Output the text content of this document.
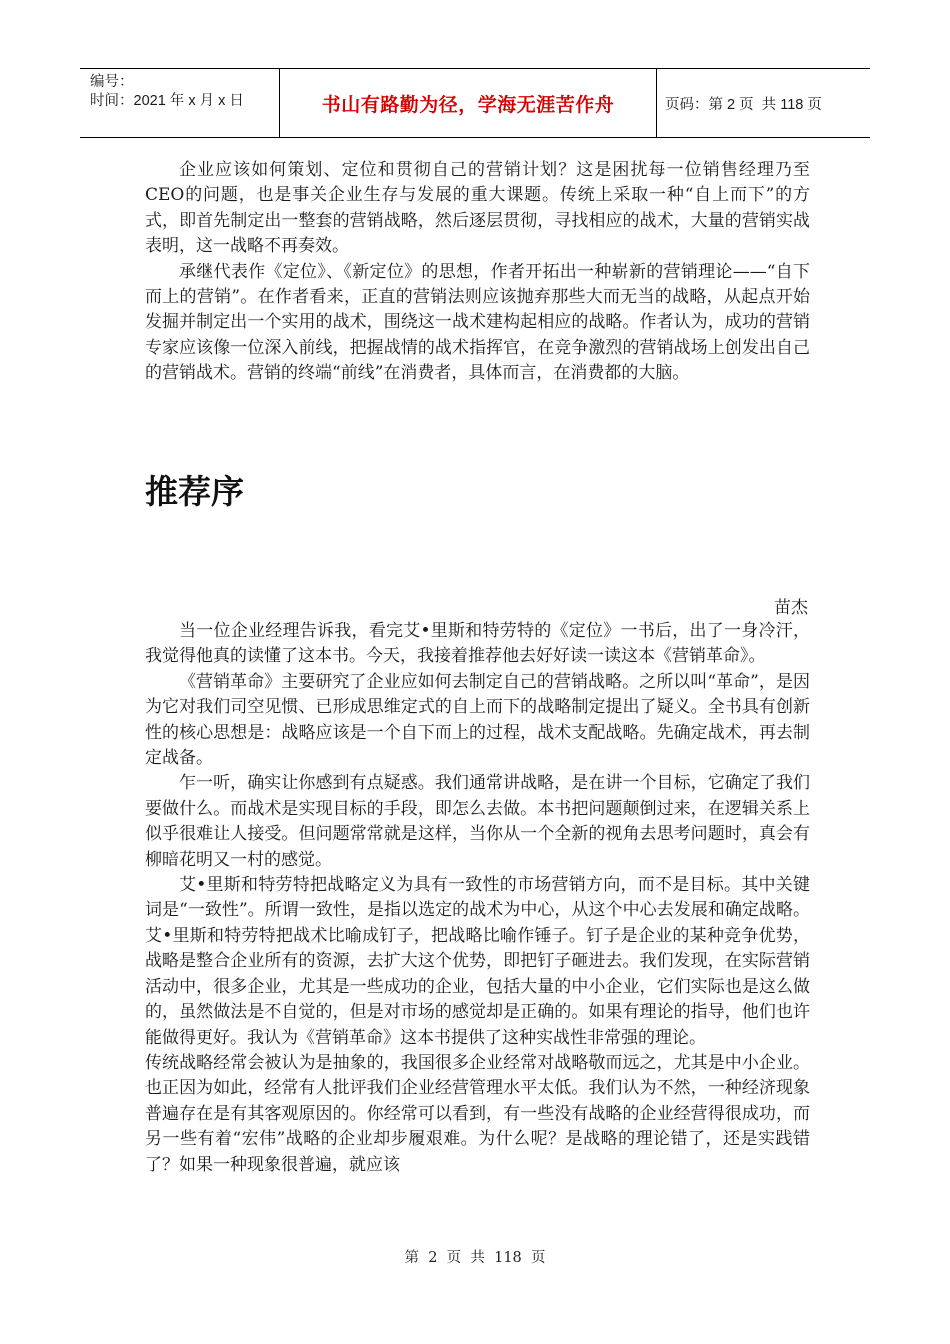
编号：
时间：2021 年 x 月 x 日	书山有路勤为径，学海无涯苦作舟	页码：第 2 页  共 118 页

企业应该如何策划、定位和贯彻自己的营销计划？这是困扰每一位销售经理乃至CEO的问题，也是事关企业生存与发展的重大课题。传统上采取一种“自上而下”的方式，即首先制定出一整套的营销战略，然后逐层贯彻，寻找相应的战术，大量的营销实战表明，这一战略不再奏效。

承继代表作《定位》、《新定位》的思想，作者开拓出一种崭新的营销理论——“自下而上的营销”。在作者看来，正直的营销法则应该抛弃那些大而无当的战略，从起点开始发掘并制定出一个实用的战术，围绕这一战术建构起相应的战略。作者认为，成功的营销专家应该像一位深入前线，把握战情的战术指挥官，在竞争激烈的营销战场上创发出自己的营销战术。营销的终端“前线”在消费者，具体而言，在消费都的大脑。

推荐序
苗杰

当一位企业经理告诉我，看完艾•里斯和特劳特的《定位》一书后，出了一身冷汗，我觉得他真的读懂了这本书。今天，我接着推荐他去好好读一读这本《营销革命》。

《营销革命》主要研究了企业应如何去制定自己的营销战略。之所以叫“革命”，是因为它对我们司空见惯、已形成思维定式的自上而下的战略制定提出了疑义。全书具有创新性的核心思想是：战略应该是一个自下而上的过程，战术支配战略。先确定战术，再去制定战备。

乍一听，确实让你感到有点疑惑。我们通常讲战略，是在讲一个目标，它确定了我们要做什么。而战术是实现目标的手段，即怎么去做。本书把问题颠倒过来，在逻辑关系上似乎很难让人接受。但问题常常就是这样，当你从一个全新的视角去思考问题时，真会有柳暗花明又一村的感觉。

艾•里斯和特劳特把战略定义为具有一致性的市场营销方向，而不是目标。其中关键词是“一致性”。所谓一致性，是指以选定的战术为中心，从这个中心去发展和确定战略。艾•里斯和特劳特把战术比喻成钉子，把战略比喻作锤子。钉子是企业的某种竞争优势，战略是整合企业所有的资源，去扩大这个优势，即把钉子砸进去。我们发现，在实际营销活动中，很多企业，尤其是一些成功的企业，包括大量的中小企业，它们实际也是这么做的，虽然做法是不自觉的，但是对市场的感觉却是正确的。如果有理论的指导，他们也许能做得更好。我认为《营销革命》这本书提供了这种实战性非常强的理论。

传统战略经常会被认为是抽象的，我国很多企业经常对战略敬而远之，尤其是中小企业。也正因为如此，经常有人批评我们企业经营管理水平太低。我们认为不然，一种经济现象普遍存在是有其客观原因的。你经常可以看到，有一些没有战略的企业经营得很成功，而另一些有着“宏伟”战略的企业却步履艰难。为什么呢？是战略的理论错了，还是实践错了？如果一种现象很普遍，就应该

第  2  页  共  118  页
